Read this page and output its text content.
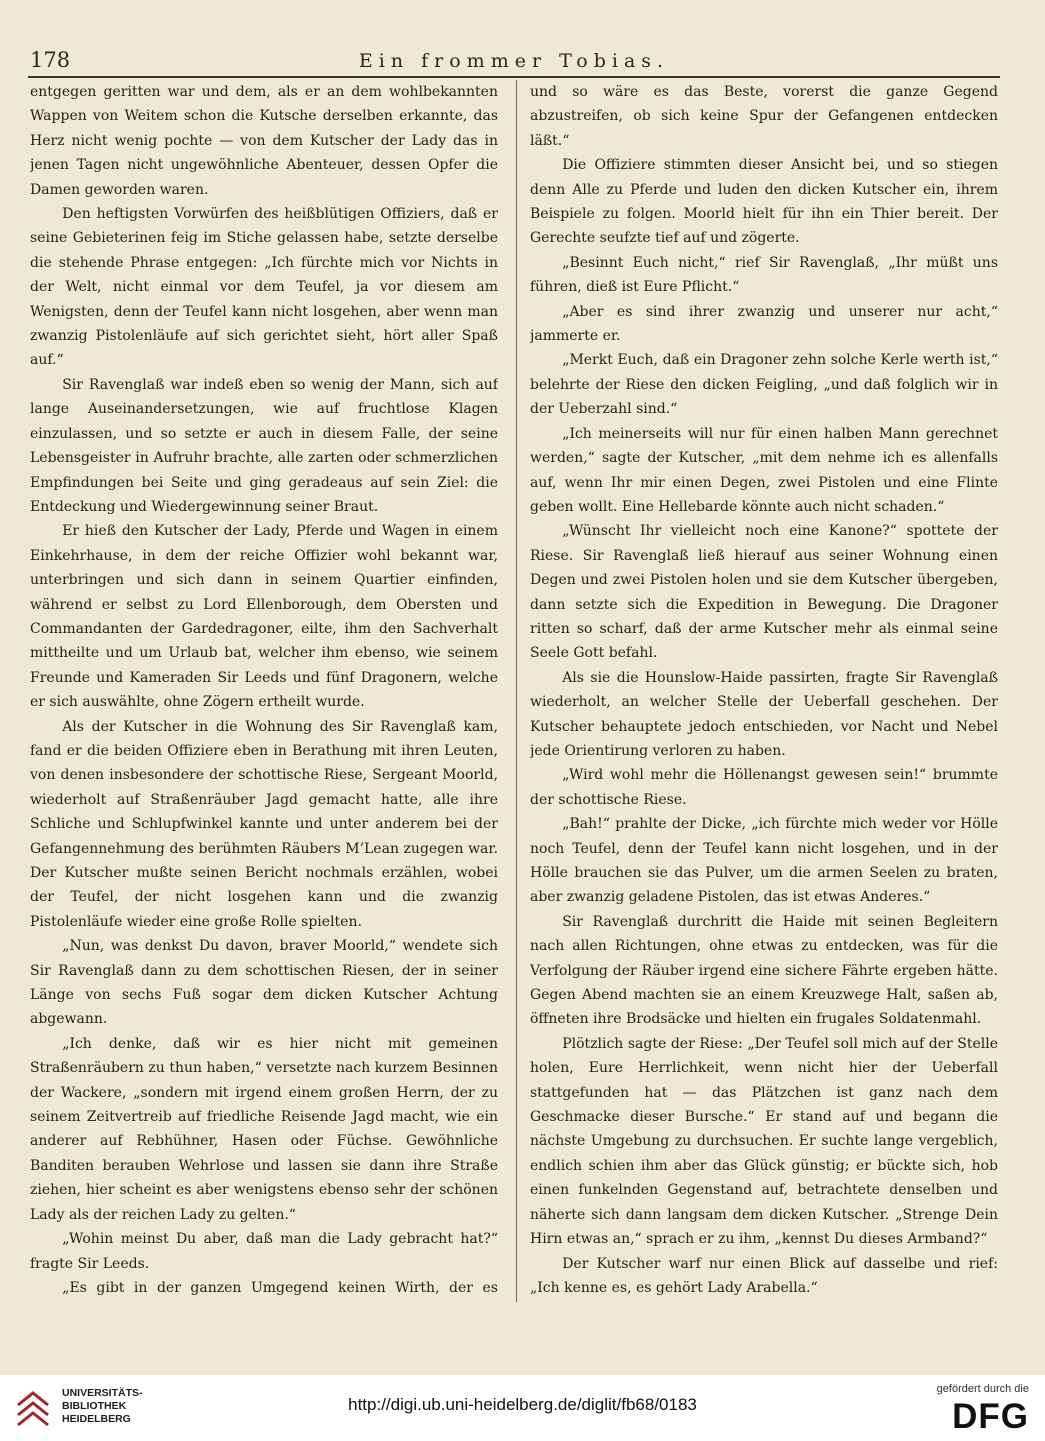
178	Ein frommer Tobias.

entgegen geritten war und dem, als er an dem wohlbekannten Wappen von Weitem schon die Kutsche derselben erkannte, das Herz nicht wenig pochte — von dem Kutscher der Lady das in jenen Tagen nicht ungewöhnliche Abenteuer, dessen Opfer die Damen geworden waren.

Den heftigsten Vorwürfen des heißblütigen Offiziers, daß er seine Gebieterinen feig im Stiche gelassen habe, setzte derselbe die stehende Phrase entgegen: „Ich fürchte mich vor Nichts in der Welt, nicht einmal vor dem Teufel, ja vor diesem am Wenigsten, denn der Teufel kann nicht losgehen, aber wenn man zwanzig Pistolenläufe auf sich gerichtet sieht, hört aller Spaß auf.“

Sir Ravenglaß war indeß eben so wenig der Mann, sich auf lange Auseinandersetzungen, wie auf fruchtlose Klagen einzulassen, und so setzte er auch in diesem Falle, der seine Lebensgeister in Aufruhr brachte, alle zarten oder schmerzlichen Empfindungen bei Seite und ging geradeaus auf sein Ziel: die Entdeckung und Wiedergewinnung seiner Braut.

Er hieß den Kutscher der Lady, Pferde und Wagen in einem Einkehrhause, in dem der reiche Offizier wohl bekannt war, unterbringen und sich dann in seinem Quartier einfinden, während er selbst zu Lord Ellenborough, dem Obersten und Commandanten der Gardedragoner, eilte, ihm den Sachverhalt mittheilte und um Urlaub bat, welcher ihm ebenso, wie seinem Freunde und Kameraden Sir Leeds und fünf Dragonern, welche er sich auswählte, ohne Zögern ertheilt wurde.

Als der Kutscher in die Wohnung des Sir Ravenglaß kam, fand er die beiden Offiziere eben in Berathung mit ihren Leuten, von denen insbesondere der schottische Riese, Sergeant Moorld, wiederholt auf Straßenräuber Jagd gemacht hatte, alle ihre Schliche und Schlupfwinkel kannte und unter anderem bei der Gefangennehmung des berühmten Räubers M’Lean zugegen war. Der Kutscher mußte seinen Bericht nochmals erzählen, wobei der Teufel, der nicht losgehen kann und die zwanzig Pistolenläufe wieder eine große Rolle spielten.

„Nun, was denkst Du davon, braver Moorld,“ wendete sich Sir Ravenglaß dann zu dem schottischen Riesen, der in seiner Länge von sechs Fuß sogar dem dicken Kutscher Achtung abgewann.

„Ich denke, daß wir es hier nicht mit gemeinen Straßenräubern zu thun haben,“ versetzte nach kurzem Besinnen der Wackere, „sondern mit irgend einem großen Herrn, der zu seinem Zeitvertreib auf friedliche Reisende Jagd macht, wie ein anderer auf Rebhühner, Hasen oder Füchse. Gewöhnliche Banditen berauben Wehrlose und lassen sie dann ihre Straße ziehen, hier scheint es aber wenigstens ebenso sehr der schönen Lady als der reichen Lady zu gelten.“

„Wohin meinst Du aber, daß man die Lady gebracht hat?“ fragte Sir Leeds.

„Es gibt in der ganzen Umgegend keinen Wirth, der es

und so wäre es das Beste, vorerst die ganze Gegend abzustreifen, ob sich keine Spur der Gefangenen entdecken läßt.“

Die Offiziere stimmten dieser Ansicht bei, und so stiegen denn Alle zu Pferde und luden den dicken Kutscher ein, ihrem Beispiele zu folgen. Moorld hielt für ihn ein Thier bereit. Der Gerechte seufzte tief auf und zögerte.

„Besinnt Euch nicht,“ rief Sir Ravenglaß, „Ihr müßt uns führen, dieß ist Eure Pflicht.“

„Aber es sind ihrer zwanzig und unserer nur acht,“ jammerte er.

„Merkt Euch, daß ein Dragoner zehn solche Kerle werth ist,“ belehrte der Riese den dicken Feigling, „und daß folglich wir in der Ueberzahl sind.“

„Ich meinerseits will nur für einen halben Mann gerechnet werden,“ sagte der Kutscher, „mit dem nehme ich es allenfalls auf, wenn Ihr mir einen Degen, zwei Pistolen und eine Flinte geben wollt. Eine Hellebarde könnte auch nicht schaden.“

„Wünscht Ihr vielleicht noch eine Kanone?“ spottete der Riese. Sir Ravenglaß ließ hierauf aus seiner Wohnung einen Degen und zwei Pistolen holen und sie dem Kutscher übergeben, dann setzte sich die Expedition in Bewegung. Die Dragoner ritten so scharf, daß der arme Kutscher mehr als einmal seine Seele Gott befahl.

Als sie die Hounslow-Haide passirten, fragte Sir Ravenglaß wiederholt, an welcher Stelle der Ueberfall geschehen. Der Kutscher behauptete jedoch entschieden, vor Nacht und Nebel jede Orientirung verloren zu haben.

„Wird wohl mehr die Höllenangst gewesen sein!“ brummte der schottische Riese.

„Bah!“ prahlte der Dicke, „ich fürchte mich weder vor Hölle noch Teufel, denn der Teufel kann nicht losgehen, und in der Hölle brauchen sie das Pulver, um die armen Seelen zu braten, aber zwanzig geladene Pistolen, das ist etwas Anderes.“

Sir Ravenglaß durchritt die Haide mit seinen Begleitern nach allen Richtungen, ohne etwas zu entdecken, was für die Verfolgung der Räuber irgend eine sichere Fährte ergeben hätte. Gegen Abend machten sie an einem Kreuzwege Halt, saßen ab, öffneten ihre Brodsäcke und hielten ein frugales Soldatenmahl.

Plötzlich sagte der Riese: „Der Teufel soll mich auf der Stelle holen, Eure Herrlichkeit, wenn nicht hier der Ueberfall stattgefunden hat — das Plätzchen ist ganz nach dem Geschmacke dieser Bursche.“ Er stand auf und begann die nächste Umgebung zu durchsuchen. Er suchte lange vergeblich, endlich schien ihm aber das Glück günstig; er bückte sich, hob einen funkelnden Gegenstand auf, betrachtete denselben und näherte sich dann langsam dem dicken Kutscher. „Strenge Dein Hirn etwas an,“ sprach er zu ihm, „kennst Du dieses Armband?“

Der Kutscher warf nur einen Blick auf dasselbe und rief: „Ich kenne es, es gehört Lady Arabella.“

UNIVERSITÄTS-
BIBLIOTHEK
HEIDELBERG
http://digi.ub.uni-heidelberg.de/diglit/fb68/0183
gefördert durch die
DFG
